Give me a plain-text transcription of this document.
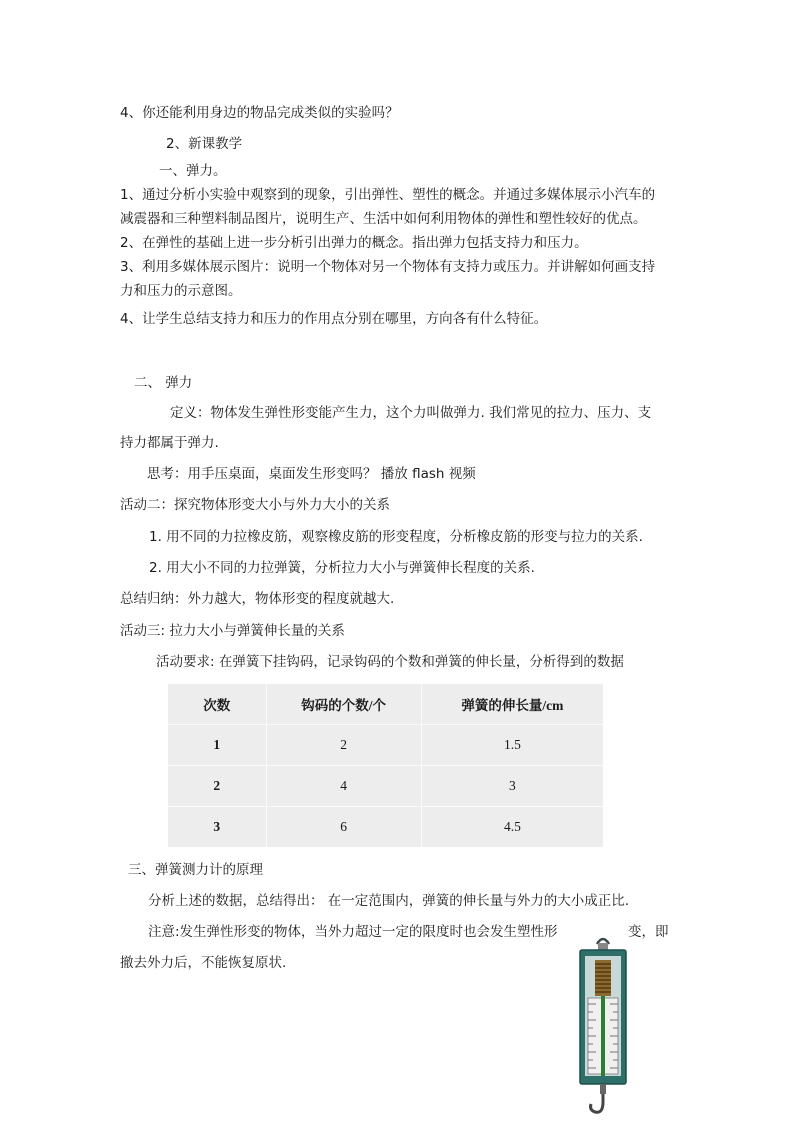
4、你还能利用身边的物品完成类似的实验吗？
2、新课教学
一、弹力。
1、通过分析小实验中观察到的现象，引出弹性、塑性的概念。并通过多媒体展示小汽车的
减震器和三种塑料制品图片，说明生产、生活中如何利用物体的弹性和塑性较好的优点。
2、在弹性的基础上进一步分析引出弹力的概念。指出弹力包括支持力和压力。
3、利用多媒体展示图片：说明一个物体对另一个物体有支持力或压力。并讲解如何画支持
力和压力的示意图。
4、让学生总结支持力和压力的作用点分别在哪里，方向各有什么特征。
二、 弹力
定义：物体发生弹性形变能产生力，这个力叫做弹力. 我们常见的拉力、压力、支
持力都属于弹力.
思考：用手压桌面，桌面发生形变吗？ 播放 flash 视频
活动二：探究物体形变大小与外力大小的关系
1. 用不同的力拉橡皮筋，观察橡皮筋的形变程度，分析橡皮筋的形变与拉力的关系.
2. 用大小不同的力拉弹簧，分析拉力大小与弹簧伸长程度的关系.
总结归纳：外力越大，物体形变的程度就越大.
活动三: 拉力大小与弹簧伸长量的关系
活动要求: 在弹簧下挂钩码，记录钩码的个数和弹簧的伸长量，分析得到的数据
次数	钩码的个数/个	弹簧的伸长量/cm
1	2	1.5
2	4	3
3	6	4.5
三、弹簧测力计的原理
分析上述的数据，总结得出： 在一定范围内，弹簧的伸长量与外力的大小成正比.
注意:发生弹性形变的物体，当外力超过一定的限度时也会发生塑性形	变，即
撤去外力后，不能恢复原状.
